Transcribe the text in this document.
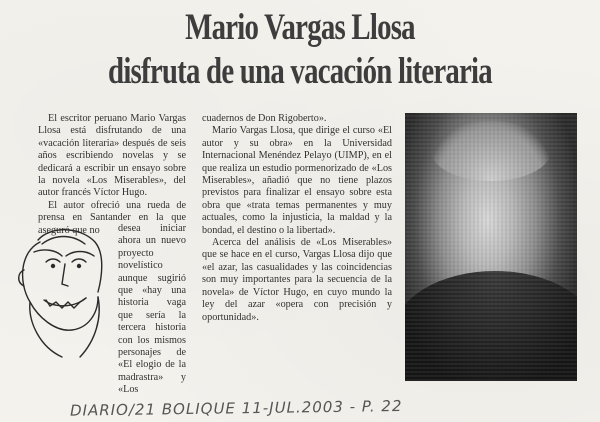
Mario Vargas Llosa
disfruta de una vacación literaria

El escritor peruano Mario Vargas Llosa está disfrutando de una «vacación literaria» después de seis años escribiendo novelas y se dedicará a escribir un ensayo sobre la novela «Los Miserables», del autor francés Víctor Hugo.

El autor ofreció una rueda de prensa en Santander en la que aseguró que no	desea iniciar ahora un nuevo proyecto novelístico aunque sugirió que «hay una historia vaga que sería la tercera historia con los mismos personajes de «El elogio de la madrastra» y «Los

cuadernos de Don Rigoberto».

Mario Vargas Llosa, que dirige el curso «El autor y su obra» en la Universidad Internacional Menéndez Pelayo (UIMP), en el que realiza un estudio pormenorizado de «Los Miserables», añadió que no tiene plazos previstos para finalizar el ensayo sobre esta obra que «trata temas permanentes y muy actuales, como la injusticia, la maldad y la bondad, el destino o la libertad».

Acerca del análisis de «Los Miserables» que se hace en el curso, Vargas Llosa dijo que «el azar, las casualidades y las coincidencias son muy importantes para la secuencia de la novela» de Víctor Hugo, en cuyo mundo la ley del azar «opera con precisión y oportunidad».

DIARIO/21 BOLIQUE 11-JUL.2003 - P. 22
